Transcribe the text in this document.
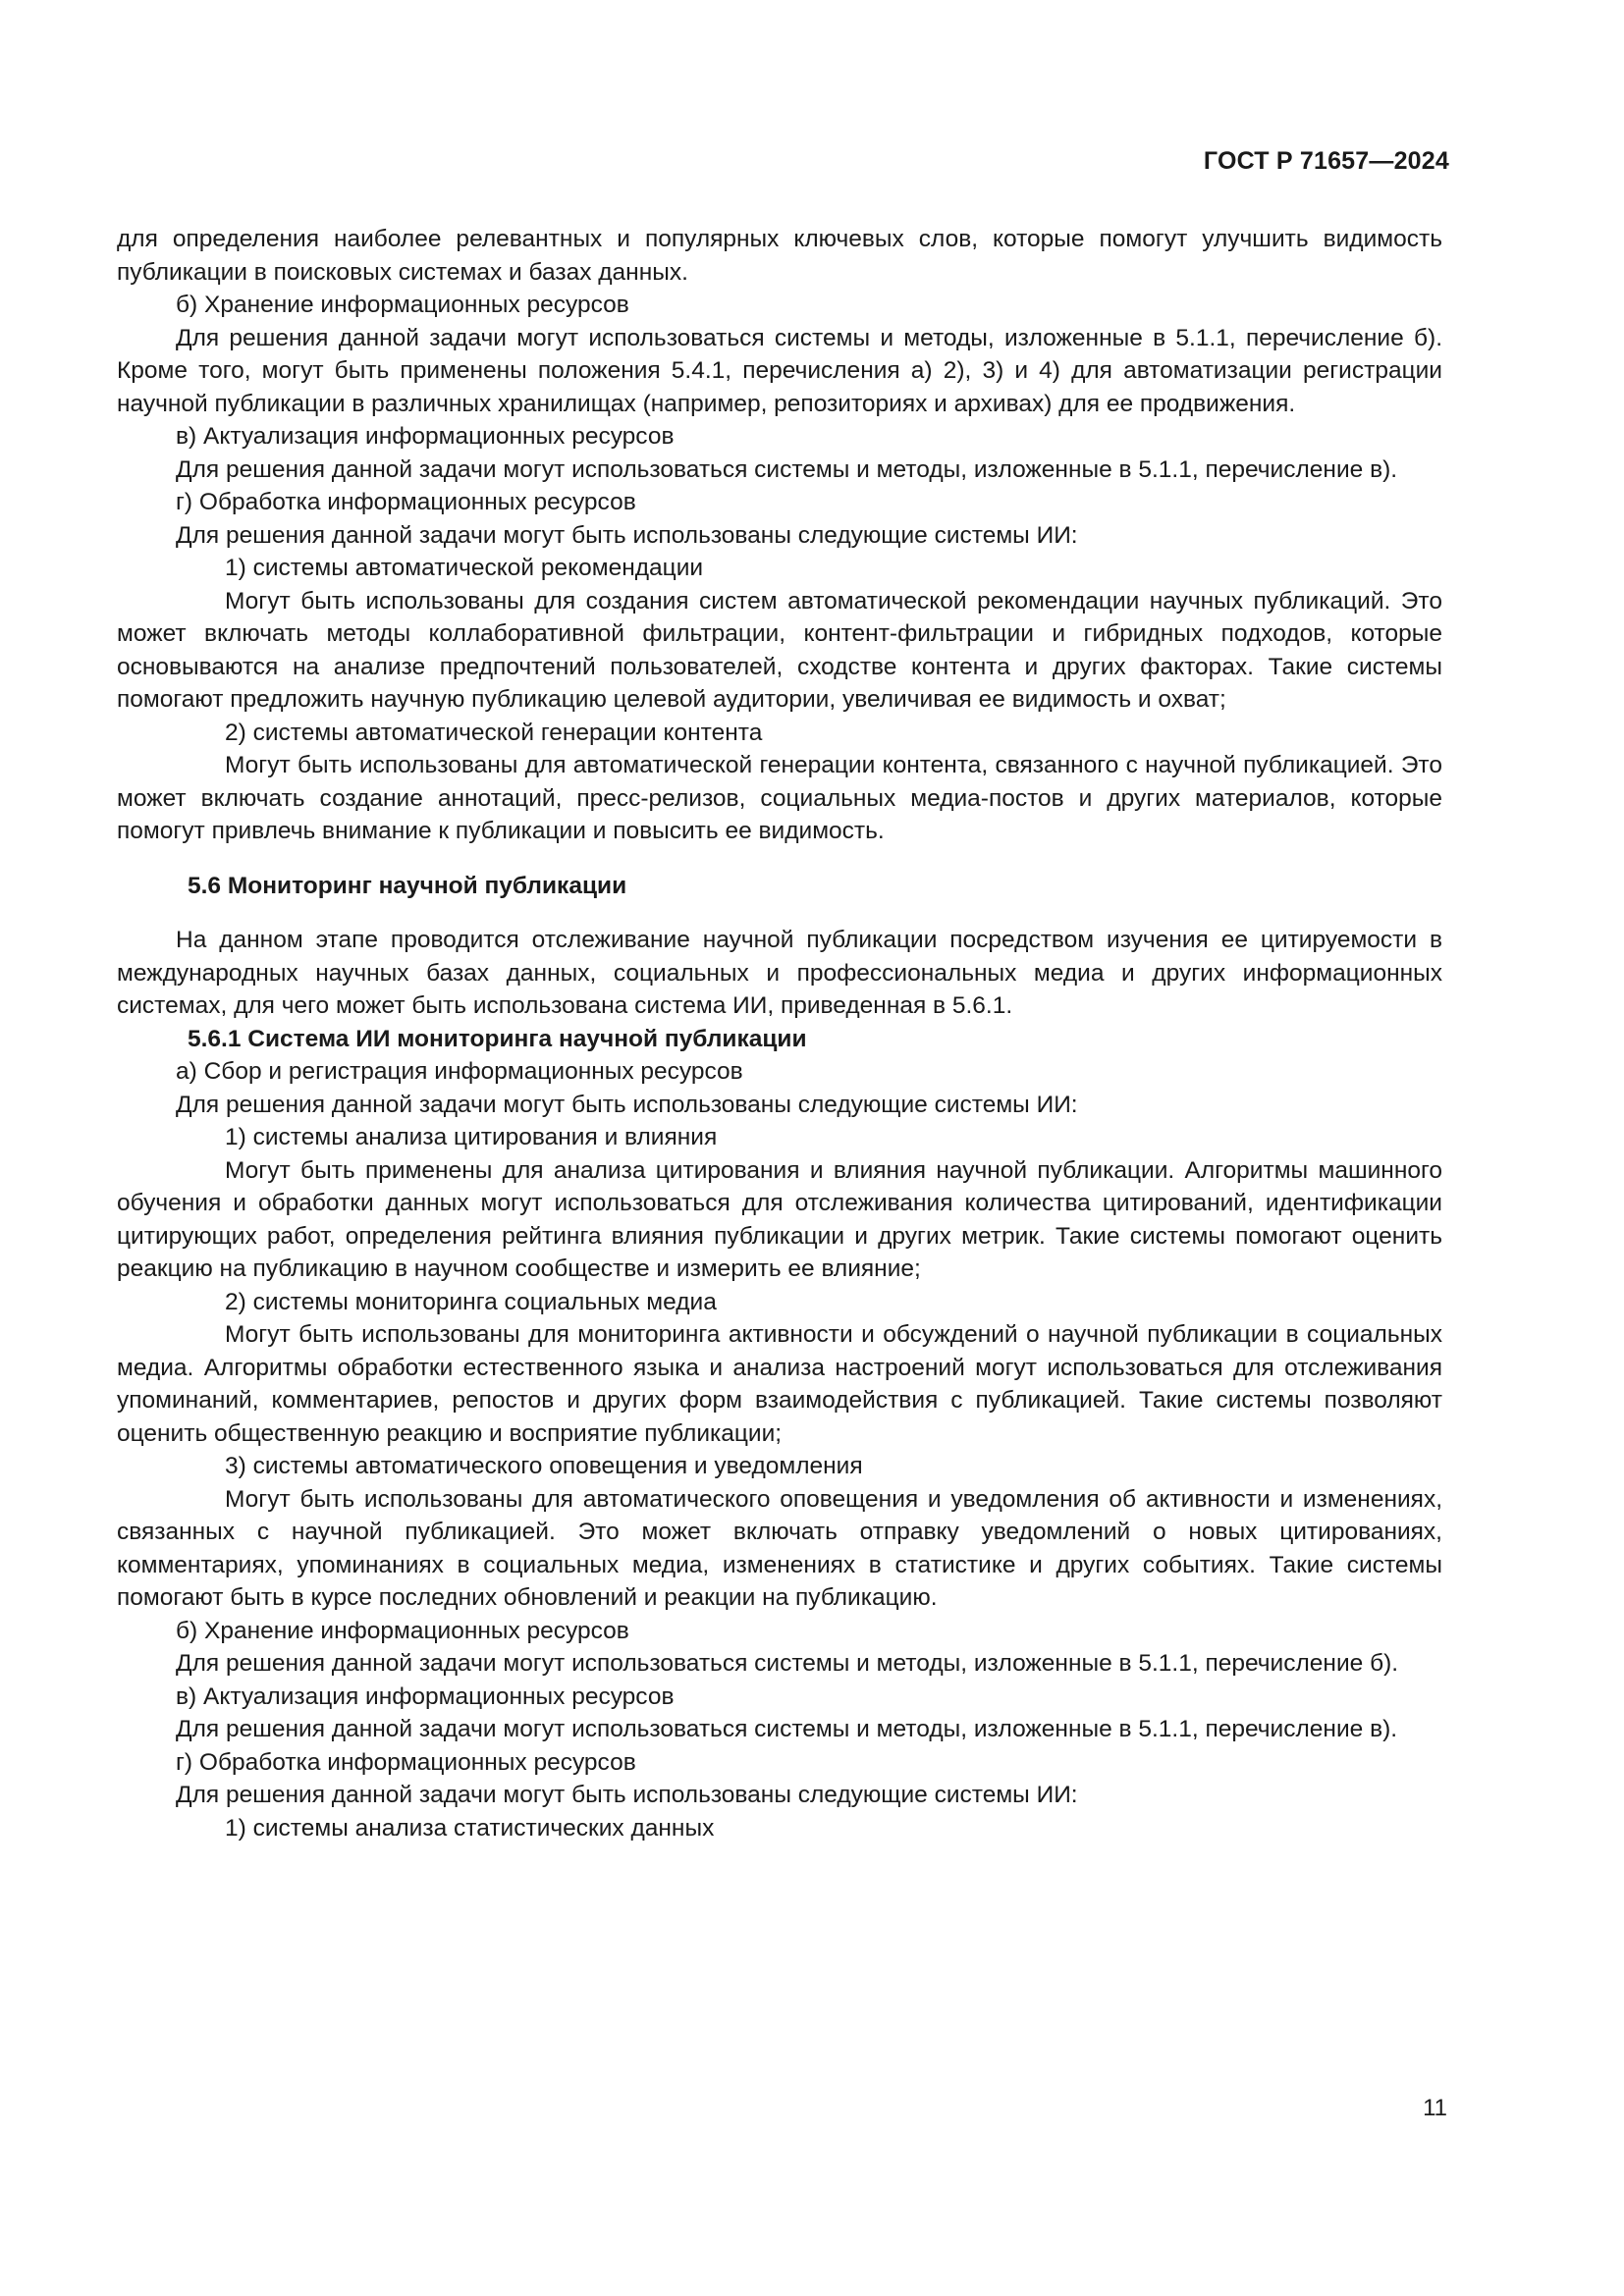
ГОСТ Р 71657—2024

для определения наиболее релевантных и популярных ключевых слов, которые помогут улучшить видимость публикации в поисковых системах и базах данных.

б) Хранение информационных ресурсов

Для решения данной задачи могут использоваться системы и методы, изложенные в 5.1.1, перечисление б). Кроме того, могут быть применены положения 5.4.1, перечисления а) 2), 3) и 4) для автоматизации регистрации научной публикации в различных хранилищах (например, репозиториях и архивах) для ее продвижения.

в) Актуализация информационных ресурсов

Для решения данной задачи могут использоваться системы и методы, изложенные в 5.1.1, перечисление в).

г) Обработка информационных ресурсов

Для решения данной задачи могут быть использованы следующие системы ИИ:

1) системы автоматической рекомендации

Могут быть использованы для создания систем автоматической рекомендации научных публикаций. Это может включать методы коллаборативной фильтрации, контент-фильтрации и гибридных подходов, которые основываются на анализе предпочтений пользователей, сходстве контента и других факторах. Такие системы помогают предложить научную публикацию целевой аудитории, увеличивая ее видимость и охват;

2) системы автоматической генерации контента

Могут быть использованы для автоматической генерации контента, связанного с научной публикацией. Это может включать создание аннотаций, пресс-релизов, социальных медиа-постов и других материалов, которые помогут привлечь внимание к публикации и повысить ее видимость.

5.6 Мониторинг научной публикации

На данном этапе проводится отслеживание научной публикации посредством изучения ее цитируемости в международных научных базах данных, социальных и профессиональных медиа и других информационных системах, для чего может быть использована система ИИ, приведенная в 5.6.1.

5.6.1 Система ИИ мониторинга научной публикации

а) Сбор и регистрация информационных ресурсов

Для решения данной задачи могут быть использованы следующие системы ИИ:

1) системы анализа цитирования и влияния

Могут быть применены для анализа цитирования и влияния научной публикации. Алгоритмы машинного обучения и обработки данных могут использоваться для отслеживания количества цитирований, идентификации цитирующих работ, определения рейтинга влияния публикации и других метрик. Такие системы помогают оценить реакцию на публикацию в научном сообществе и измерить ее влияние;

2) системы мониторинга социальных медиа

Могут быть использованы для мониторинга активности и обсуждений о научной публикации в социальных медиа. Алгоритмы обработки естественного языка и анализа настроений могут использоваться для отслеживания упоминаний, комментариев, репостов и других форм взаимодействия с публикацией. Такие системы позволяют оценить общественную реакцию и восприятие публикации;

3) системы автоматического оповещения и уведомления

Могут быть использованы для автоматического оповещения и уведомления об активности и изменениях, связанных с научной публикацией. Это может включать отправку уведомлений о новых цитированиях, комментариях, упоминаниях в социальных медиа, изменениях в статистике и других событиях. Такие системы помогают быть в курсе последних обновлений и реакции на публикацию.

б) Хранение информационных ресурсов

Для решения данной задачи могут использоваться системы и методы, изложенные в 5.1.1, перечисление б).

в) Актуализация информационных ресурсов

Для решения данной задачи могут использоваться системы и методы, изложенные в 5.1.1, перечисление в).

г) Обработка информационных ресурсов

Для решения данной задачи могут быть использованы следующие системы ИИ:

1) системы анализа статистических данных

11
